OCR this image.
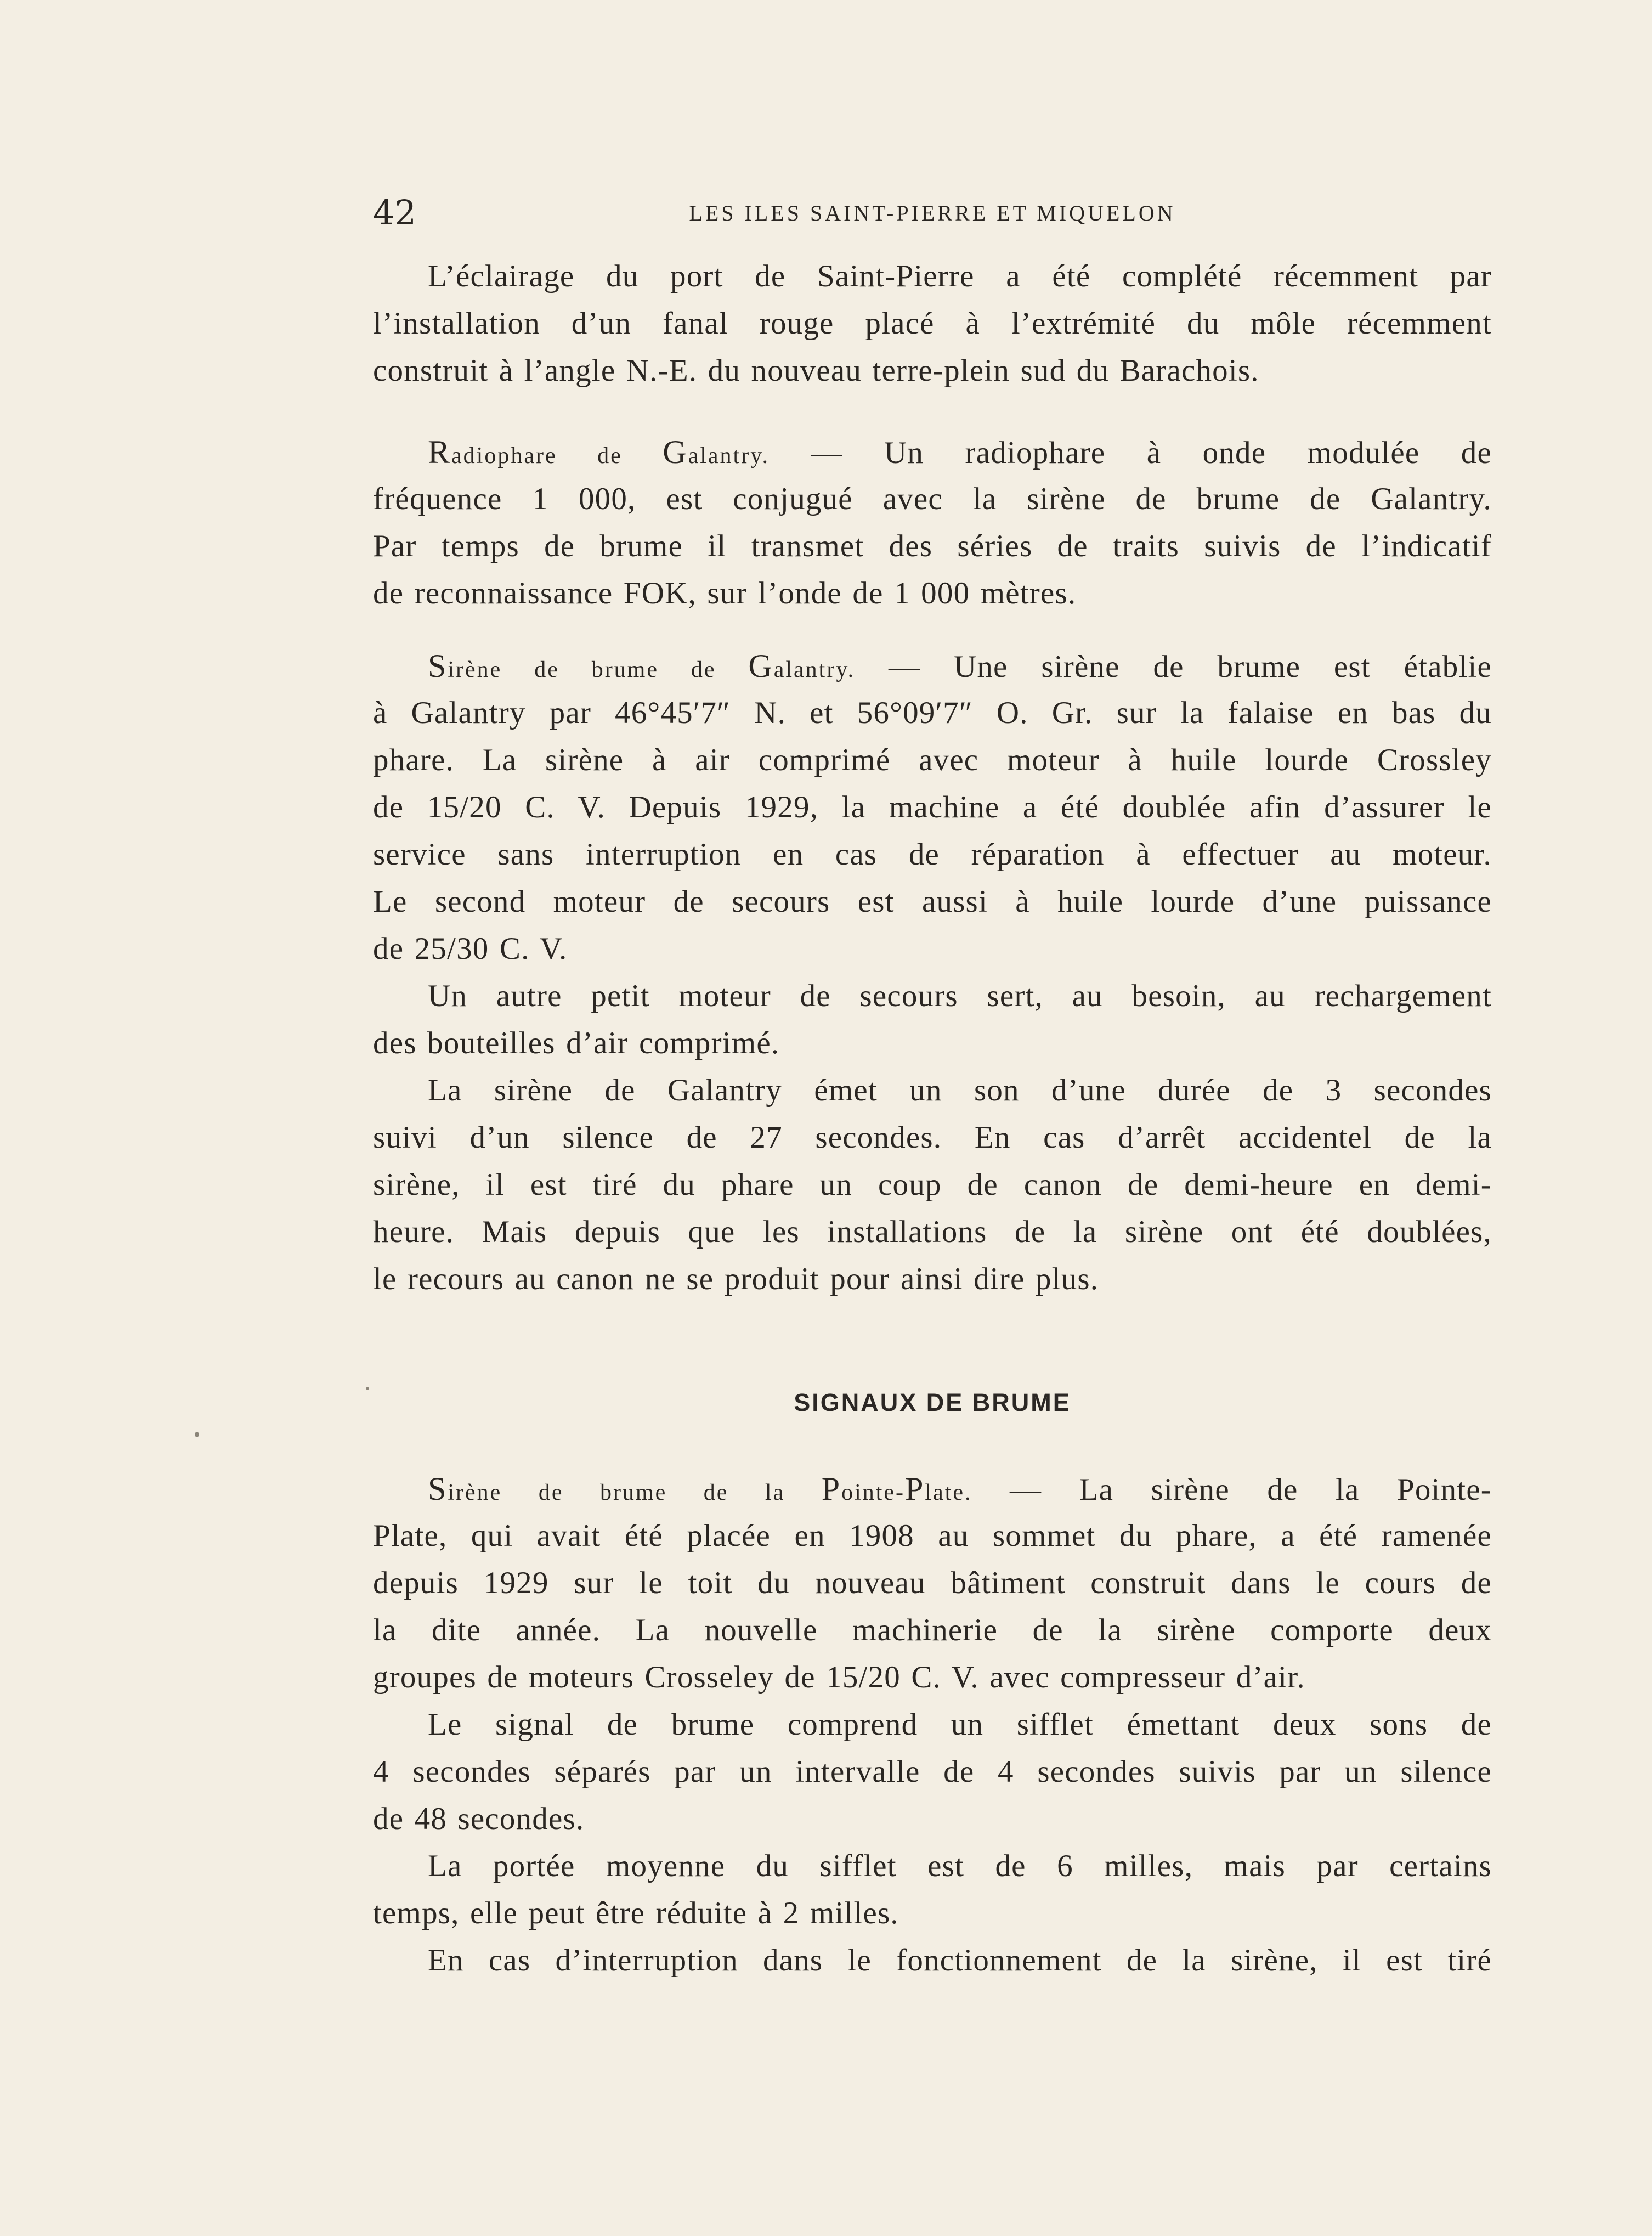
42	LES ILES SAINT-PIERRE ET MIQUELON
L’éclairage du port de Saint-Pierre a été complété récemment par
l’installation d’un fanal rouge placé à l’extrémité du môle récemment
construit à l’angle N.-E. du nouveau terre-plein sud du Barachois.
Radiophare de Galantry. — Un radiophare à onde modulée de
fréquence 1 000, est conjugué avec la sirène de brume de Galantry.
Par temps de brume il transmet des séries de traits suivis de l’indicatif
de reconnaissance FOK, sur l’onde de 1 000 mètres.
Sirène de brume de Galantry. — Une sirène de brume est établie
à Galantry par 46°45′7″ N. et 56°09′7″ O. Gr. sur la falaise en bas du
phare. La sirène à air comprimé avec moteur à huile lourde Crossley
de 15/20 C. V. Depuis 1929, la machine a été doublée afin d’assurer le
service sans interruption en cas de réparation à effectuer au moteur.
Le second moteur de secours est aussi à huile lourde d’une puissance
de 25/30 C. V.
Un autre petit moteur de secours sert, au besoin, au rechargement
des bouteilles d’air comprimé.
La sirène de Galantry émet un son d’une durée de 3 secondes
suivi d’un silence de 27 secondes. En cas d’arrêt accidentel de la
sirène, il est tiré du phare un coup de canon de demi-heure en demi-
heure. Mais depuis que les installations de la sirène ont été doublées,
le recours au canon ne se produit pour ainsi dire plus.
SIGNAUX DE BRUME
Sirène de brume de la Pointe-Plate. — La sirène de la Pointe-
Plate, qui avait été placée en 1908 au sommet du phare, a été ramenée
depuis 1929 sur le toit du nouveau bâtiment construit dans le cours de
la dite année. La nouvelle machinerie de la sirène comporte deux
groupes de moteurs Crosseley de 15/20 C. V. avec compresseur d’air.
Le signal de brume comprend un sifflet émettant deux sons de
4 secondes séparés par un intervalle de 4 secondes suivis par un silence
de 48 secondes.
La portée moyenne du sifflet est de 6 milles, mais par certains
temps, elle peut être réduite à 2 milles.
En cas d’interruption dans le fonctionnement de la sirène, il est tiré
